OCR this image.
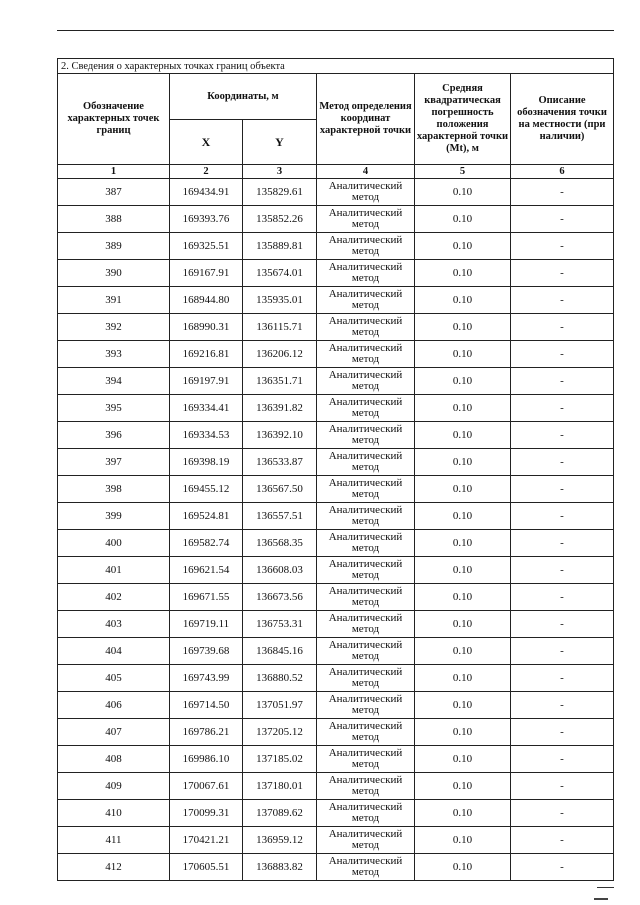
2. Сведения о характерных точках границ объекта					
Обозначение характерных точек границ	Координаты, м		Метод определения координат характерной точки	Средняя квадратическая погрешность положения характерной точки (Mt), м	Описание обозначения точки на местности (при наличии)
	X	Y			
1	2	3	4	5	6
387	169434.91	135829.61	Аналитический метод	0.10	-
388	169393.76	135852.26	Аналитический метод	0.10	-
389	169325.51	135889.81	Аналитический метод	0.10	-
390	169167.91	135674.01	Аналитический метод	0.10	-
391	168944.80	135935.01	Аналитический метод	0.10	-
392	168990.31	136115.71	Аналитический метод	0.10	-
393	169216.81	136206.12	Аналитический метод	0.10	-
394	169197.91	136351.71	Аналитический метод	0.10	-
395	169334.41	136391.82	Аналитический метод	0.10	-
396	169334.53	136392.10	Аналитический метод	0.10	-
397	169398.19	136533.87	Аналитический метод	0.10	-
398	169455.12	136567.50	Аналитический метод	0.10	-
399	169524.81	136557.51	Аналитический метод	0.10	-
400	169582.74	136568.35	Аналитический метод	0.10	-
401	169621.54	136608.03	Аналитический метод	0.10	-
402	169671.55	136673.56	Аналитический метод	0.10	-
403	169719.11	136753.31	Аналитический метод	0.10	-
404	169739.68	136845.16	Аналитический метод	0.10	-
405	169743.99	136880.52	Аналитический метод	0.10	-
406	169714.50	137051.97	Аналитический метод	0.10	-
407	169786.21	137205.12	Аналитический метод	0.10	-
408	169986.10	137185.02	Аналитический метод	0.10	-
409	170067.61	137180.01	Аналитический метод	0.10	-
410	170099.31	137089.62	Аналитический метод	0.10	-
411	170421.21	136959.12	Аналитический метод	0.10	-
412	170605.51	136883.82	Аналитический метод	0.10	-
